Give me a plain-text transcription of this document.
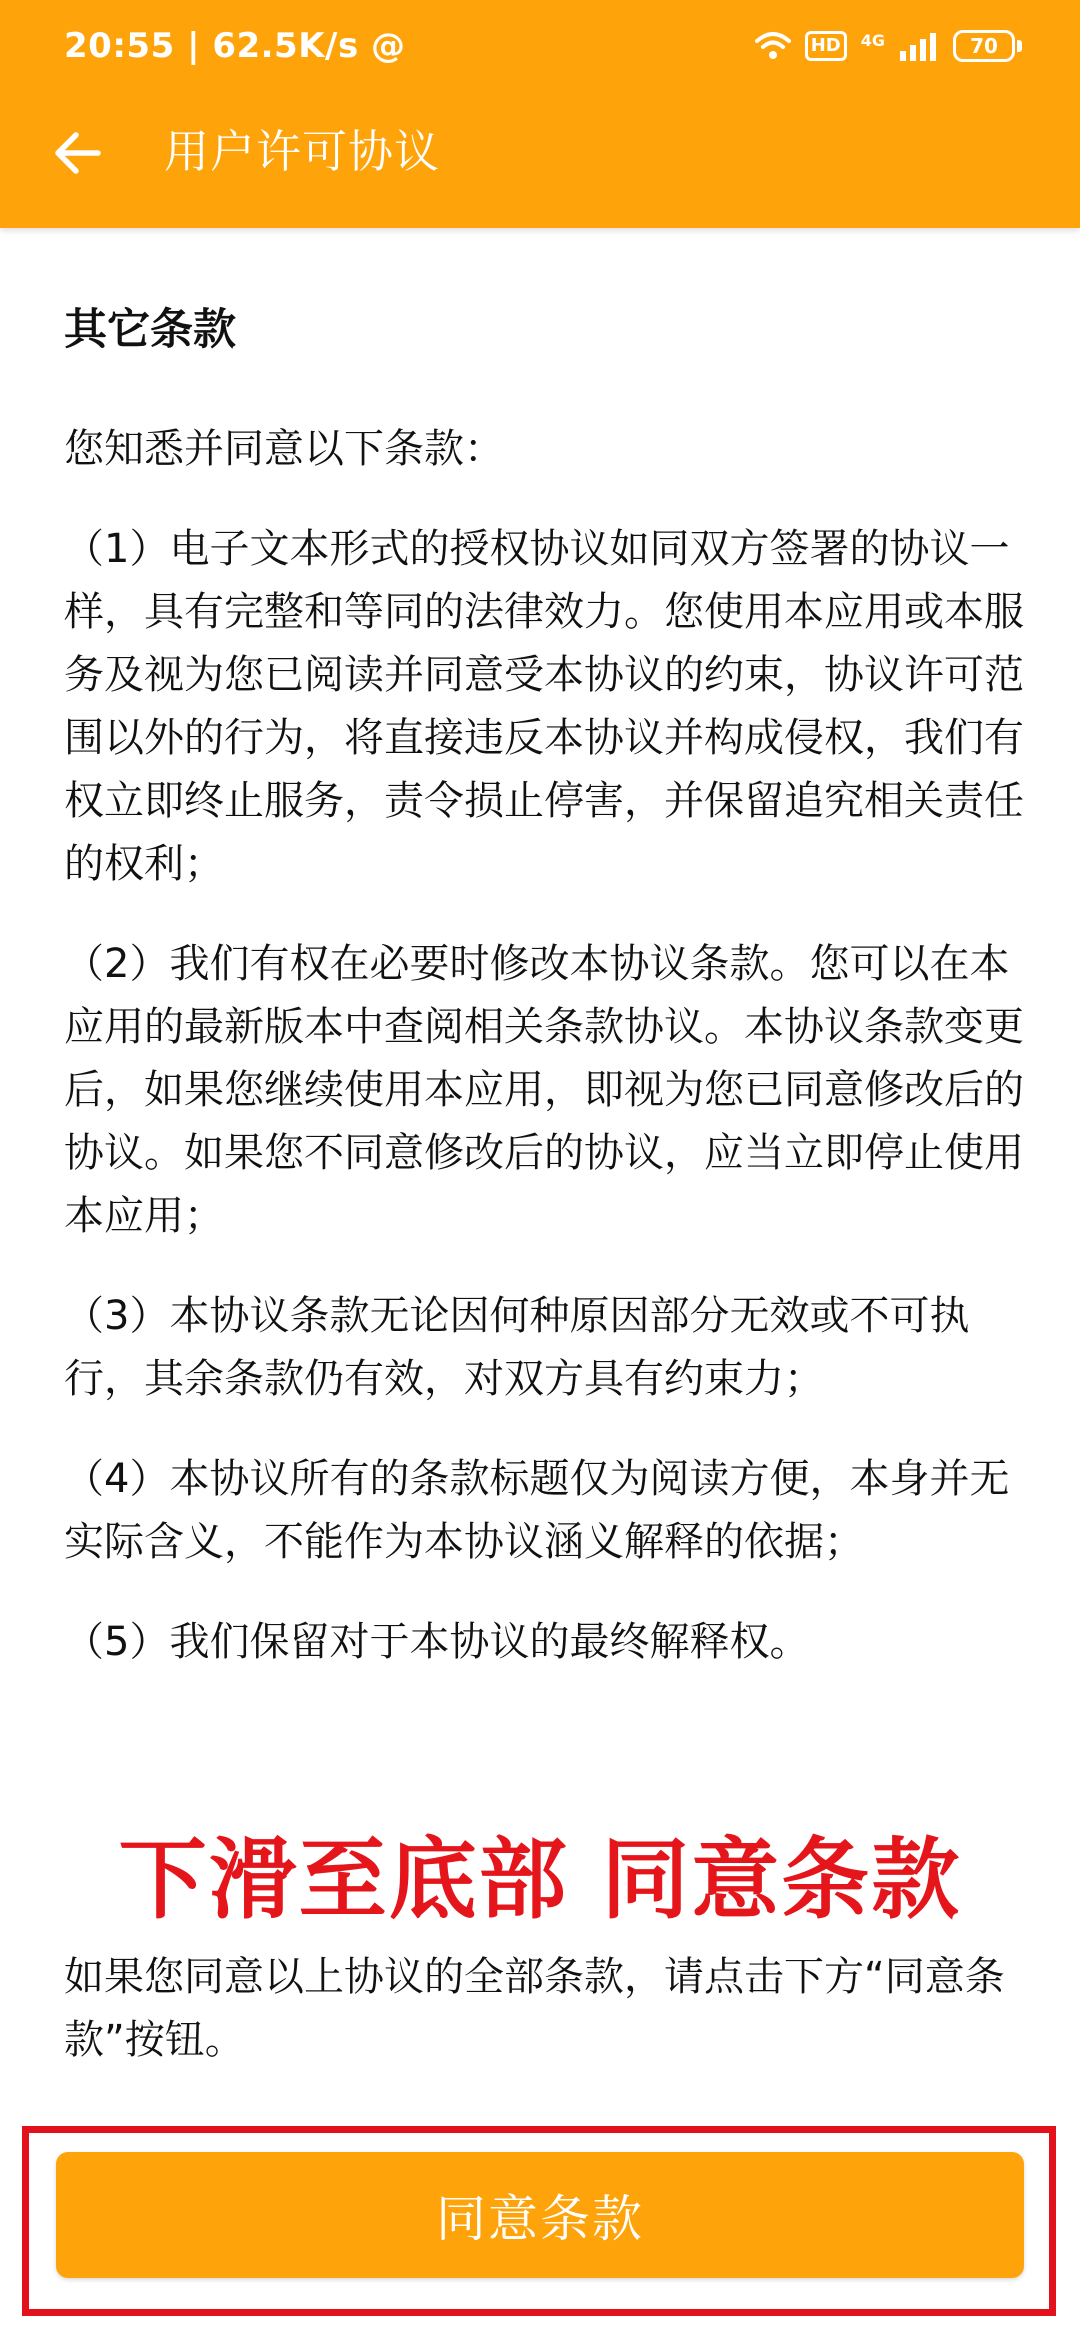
20:55 | 62.5K/s @	HD	4G	70
用户许可协议
其它条款

您知悉并同意以下条款：

（1）电子文本形式的授权协议如同双方签署的协议一样，具有完整和等同的法律效力。您使用本应用或本服务及视为您已阅读并同意受本协议的约束，协议许可范围以外的行为，将直接违反本协议并构成侵权，我们有权立即终止服务，责令损止停害，并保留追究相关责任的权利；

（2）我们有权在必要时修改本协议条款。您可以在本应用的最新版本中查阅相关条款协议。本协议条款变更后，如果您继续使用本应用，即视为您已同意修改后的协议。如果您不同意修改后的协议，应当立即停止使用本应用；

（3）本协议条款无论因何种原因部分无效或不可执行，其余条款仍有效，对双方具有约束力；

（4）本协议所有的条款标题仅为阅读方便，本身并无实际含义，不能作为本协议涵义解释的依据；

（5）我们保留对于本协议的最终解释权。

下滑至底部 同意条款
如果您同意以上协议的全部条款，请点击下方“同意条款”按钮。
同意条款
